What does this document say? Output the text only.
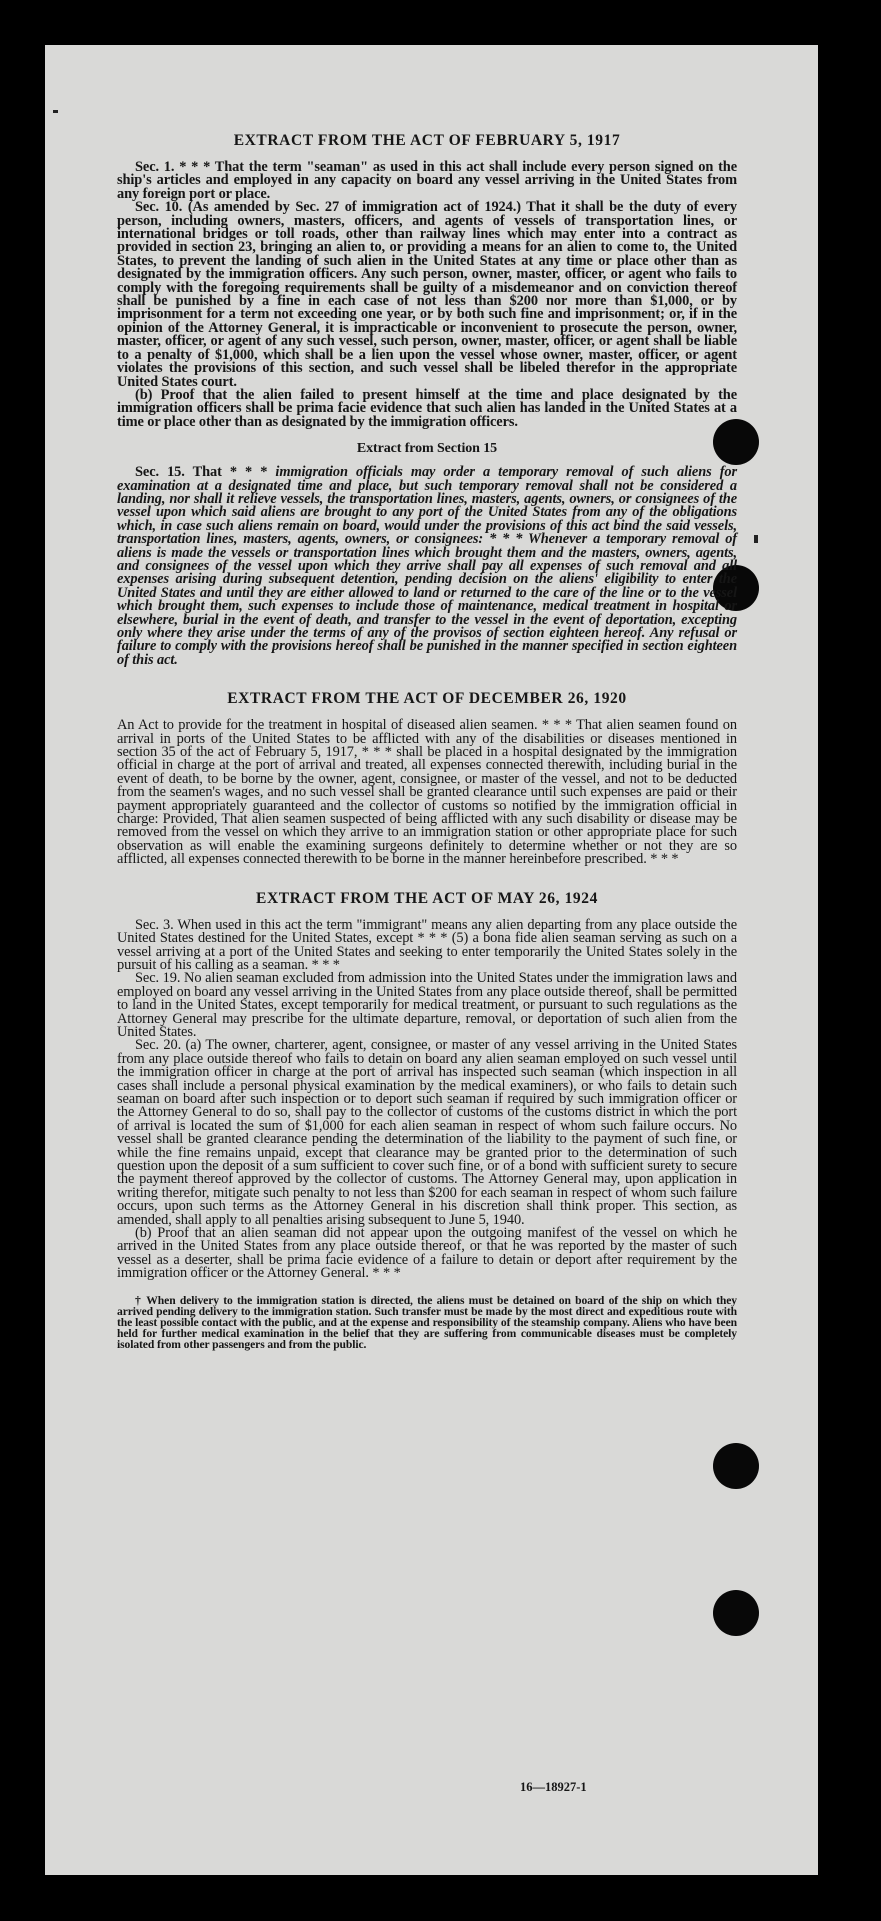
EXTRACT FROM THE ACT OF FEBRUARY 5, 1917

Sec. 1. * * * That the term "seaman" as used in this act shall include every person signed on the ship's articles and employed in any capacity on board any vessel arriving in the United States from any foreign port or place.

Sec. 10. (As amended by Sec. 27 of immigration act of 1924.) That it shall be the duty of every person, including owners, masters, officers, and agents of vessels of transportation lines, or international bridges or toll roads, other than railway lines which may enter into a contract as provided in section 23, bringing an alien to, or providing a means for an alien to come to, the United States, to prevent the landing of such alien in the United States at any time or place other than as designated by the immigration officers. Any such person, owner, master, officer, or agent who fails to comply with the foregoing requirements shall be guilty of a misdemeanor and on conviction thereof shall be punished by a fine in each case of not less than $200 nor more than $1,000, or by imprisonment for a term not exceeding one year, or by both such fine and imprisonment; or, if in the opinion of the Attorney General, it is impracticable or inconvenient to prosecute the person, owner, master, officer, or agent of any such vessel, such person, owner, master, officer, or agent shall be liable to a penalty of $1,000, which shall be a lien upon the vessel whose owner, master, officer, or agent violates the provisions of this section, and such vessel shall be libeled therefor in the appropriate United States court.

(b) Proof that the alien failed to present himself at the time and place designated by the immigration officers shall be prima facie evidence that such alien has landed in the United States at a time or place other than as designated by the immigration officers.

Extract from Section 15

Sec. 15. That * * * immigration officials may order a temporary removal of such aliens for examination at a designated time and place, but such temporary removal shall not be considered a landing, nor shall it relieve vessels, the transportation lines, masters, agents, owners, or consignees of the vessel upon which said aliens are brought to any port of the United States from any of the obligations which, in case such aliens remain on board, would under the provisions of this act bind the said vessels, transportation lines, masters, agents, owners, or consignees: * * * Whenever a temporary removal of aliens is made the vessels or transportation lines which brought them and the masters, owners, agents, and consignees of the vessel upon which they arrive shall pay all expenses of such removal and all expenses arising during subsequent detention, pending decision on the aliens' eligibility to enter the United States and until they are either allowed to land or returned to the care of the line or to the vessel which brought them, such expenses to include those of maintenance, medical treatment in hospital or elsewhere, burial in the event of death, and transfer to the vessel in the event of deportation, excepting only where they arise under the terms of any of the provisos of section eighteen hereof. Any refusal or failure to comply with the provisions hereof shall be punished in the manner specified in section eighteen of this act.

EXTRACT FROM THE ACT OF DECEMBER 26, 1920

An Act to provide for the treatment in hospital of diseased alien seamen. * * * That alien seamen found on arrival in ports of the United States to be afflicted with any of the disabilities or diseases mentioned in section 35 of the act of February 5, 1917, * * * shall be placed in a hospital designated by the immigration official in charge at the port of arrival and treated, all expenses connected therewith, including burial in the event of death, to be borne by the owner, agent, consignee, or master of the vessel, and not to be deducted from the seamen's wages, and no such vessel shall be granted clearance until such expenses are paid or their payment appropriately guaranteed and the collector of customs so notified by the immigration official in charge: Provided, That alien seamen suspected of being afflicted with any such disability or disease may be removed from the vessel on which they arrive to an immigration station or other appropriate place for such observation as will enable the examining surgeons definitely to determine whether or not they are so afflicted, all expenses connected therewith to be borne in the manner hereinbefore prescribed. * * *

EXTRACT FROM THE ACT OF MAY 26, 1924

Sec. 3. When used in this act the term "immigrant" means any alien departing from any place outside the United States destined for the United States, except * * * (5) a bona fide alien seaman serving as such on a vessel arriving at a port of the United States and seeking to enter temporarily the United States solely in the pursuit of his calling as a seaman. * * *

Sec. 19. No alien seaman excluded from admission into the United States under the immigration laws and employed on board any vessel arriving in the United States from any place outside thereof, shall be permitted to land in the United States, except temporarily for medical treatment, or pursuant to such regulations as the Attorney General may prescribe for the ultimate departure, removal, or deportation of such alien from the United States.

Sec. 20. (a) The owner, charterer, agent, consignee, or master of any vessel arriving in the United States from any place outside thereof who fails to detain on board any alien seaman employed on such vessel until the immigration officer in charge at the port of arrival has inspected such seaman (which inspection in all cases shall include a personal physical examination by the medical examiners), or who fails to detain such seaman on board after such inspection or to deport such seaman if required by such immigration officer or the Attorney General to do so, shall pay to the collector of customs of the customs district in which the port of arrival is located the sum of $1,000 for each alien seaman in respect of whom such failure occurs. No vessel shall be granted clearance pending the determination of the liability to the payment of such fine, or while the fine remains unpaid, except that clearance may be granted prior to the determination of such question upon the deposit of a sum sufficient to cover such fine, or of a bond with sufficient surety to secure the payment thereof approved by the collector of customs. The Attorney General may, upon application in writing therefor, mitigate such penalty to not less than $200 for each seaman in respect of whom such failure occurs, upon such terms as the Attorney General in his discretion shall think proper. This section, as amended, shall apply to all penalties arising subsequent to June 5, 1940.

(b) Proof that an alien seaman did not appear upon the outgoing manifest of the vessel on which he arrived in the United States from any place outside thereof, or that he was reported by the master of such vessel as a deserter, shall be prima facie evidence of a failure to detain or deport after requirement by the immigration officer or the Attorney General. * * *

† When delivery to the immigration station is directed, the aliens must be detained on board of the ship on which they arrived pending delivery to the immigration station. Such transfer must be made by the most direct and expeditious route with the least possible contact with the public, and at the expense and responsibility of the steamship company. Aliens who have been held for further medical examination in the belief that they are suffering from communicable diseases must be completely isolated from other passengers and from the public.

16—18927-1
